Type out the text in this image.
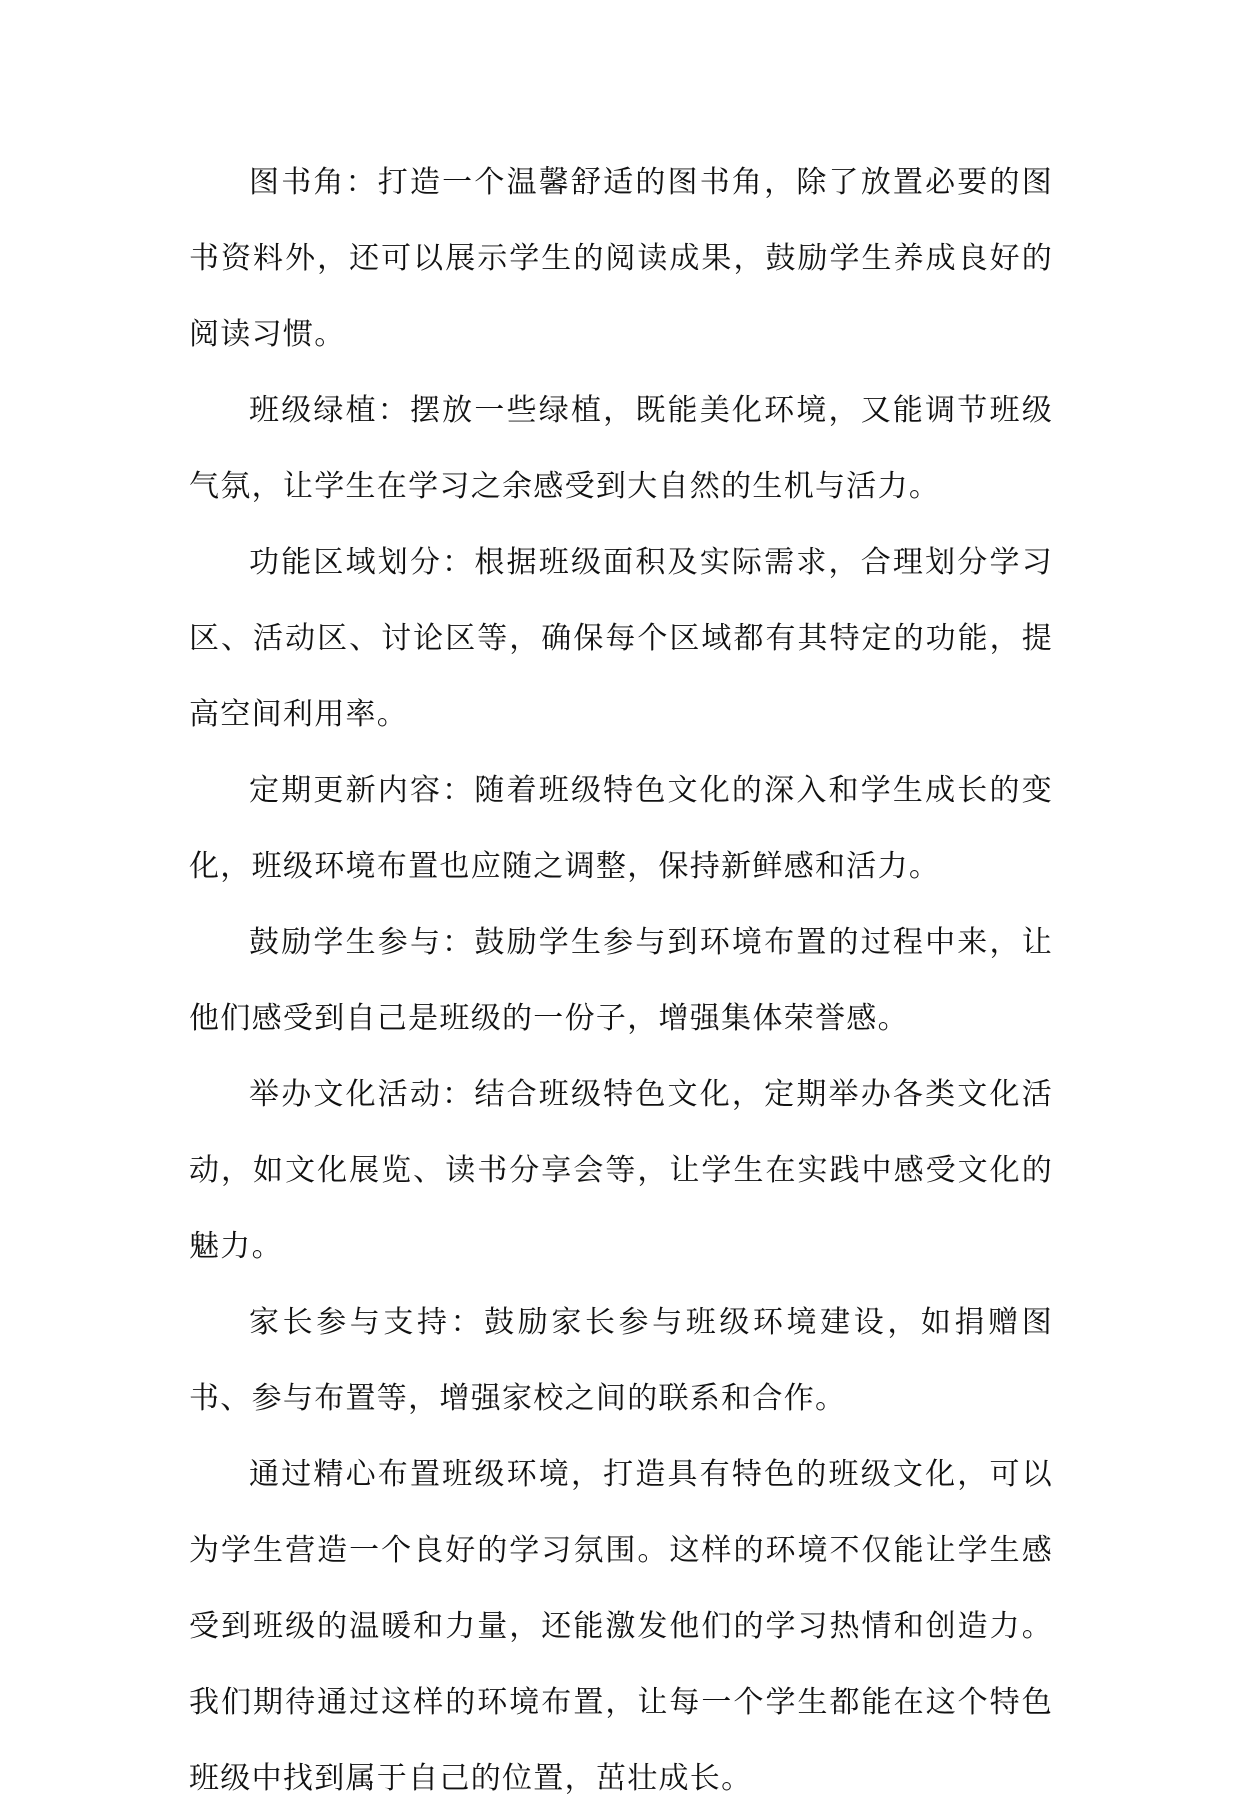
图书角：打造一个温馨舒适的图书角，除了放置必要的图书资料外，还可以展示学生的阅读成果，鼓励学生养成良好的阅读习惯。

班级绿植：摆放一些绿植，既能美化环境，又能调节班级气氛，让学生在学习之余感受到大自然的生机与活力。

功能区域划分：根据班级面积及实际需求，合理划分学习区、活动区、讨论区等，确保每个区域都有其特定的功能，提高空间利用率。

定期更新内容：随着班级特色文化的深入和学生成长的变化，班级环境布置也应随之调整，保持新鲜感和活力。

鼓励学生参与：鼓励学生参与到环境布置的过程中来，让他们感受到自己是班级的一份子，增强集体荣誉感。

举办文化活动：结合班级特色文化，定期举办各类文化活动，如文化展览、读书分享会等，让学生在实践中感受文化的魅力。

家长参与支持：鼓励家长参与班级环境建设，如捐赠图书、参与布置等，增强家校之间的联系和合作。

通过精心布置班级环境，打造具有特色的班级文化，可以为学生营造一个良好的学习氛围。这样的环境不仅能让学生感受到班级的温暖和力量，还能激发他们的学习热情和创造力。我们期待通过这样的环境布置，让每一个学生都能在这个特色班级中找到属于自己的位置，茁壮成长。
